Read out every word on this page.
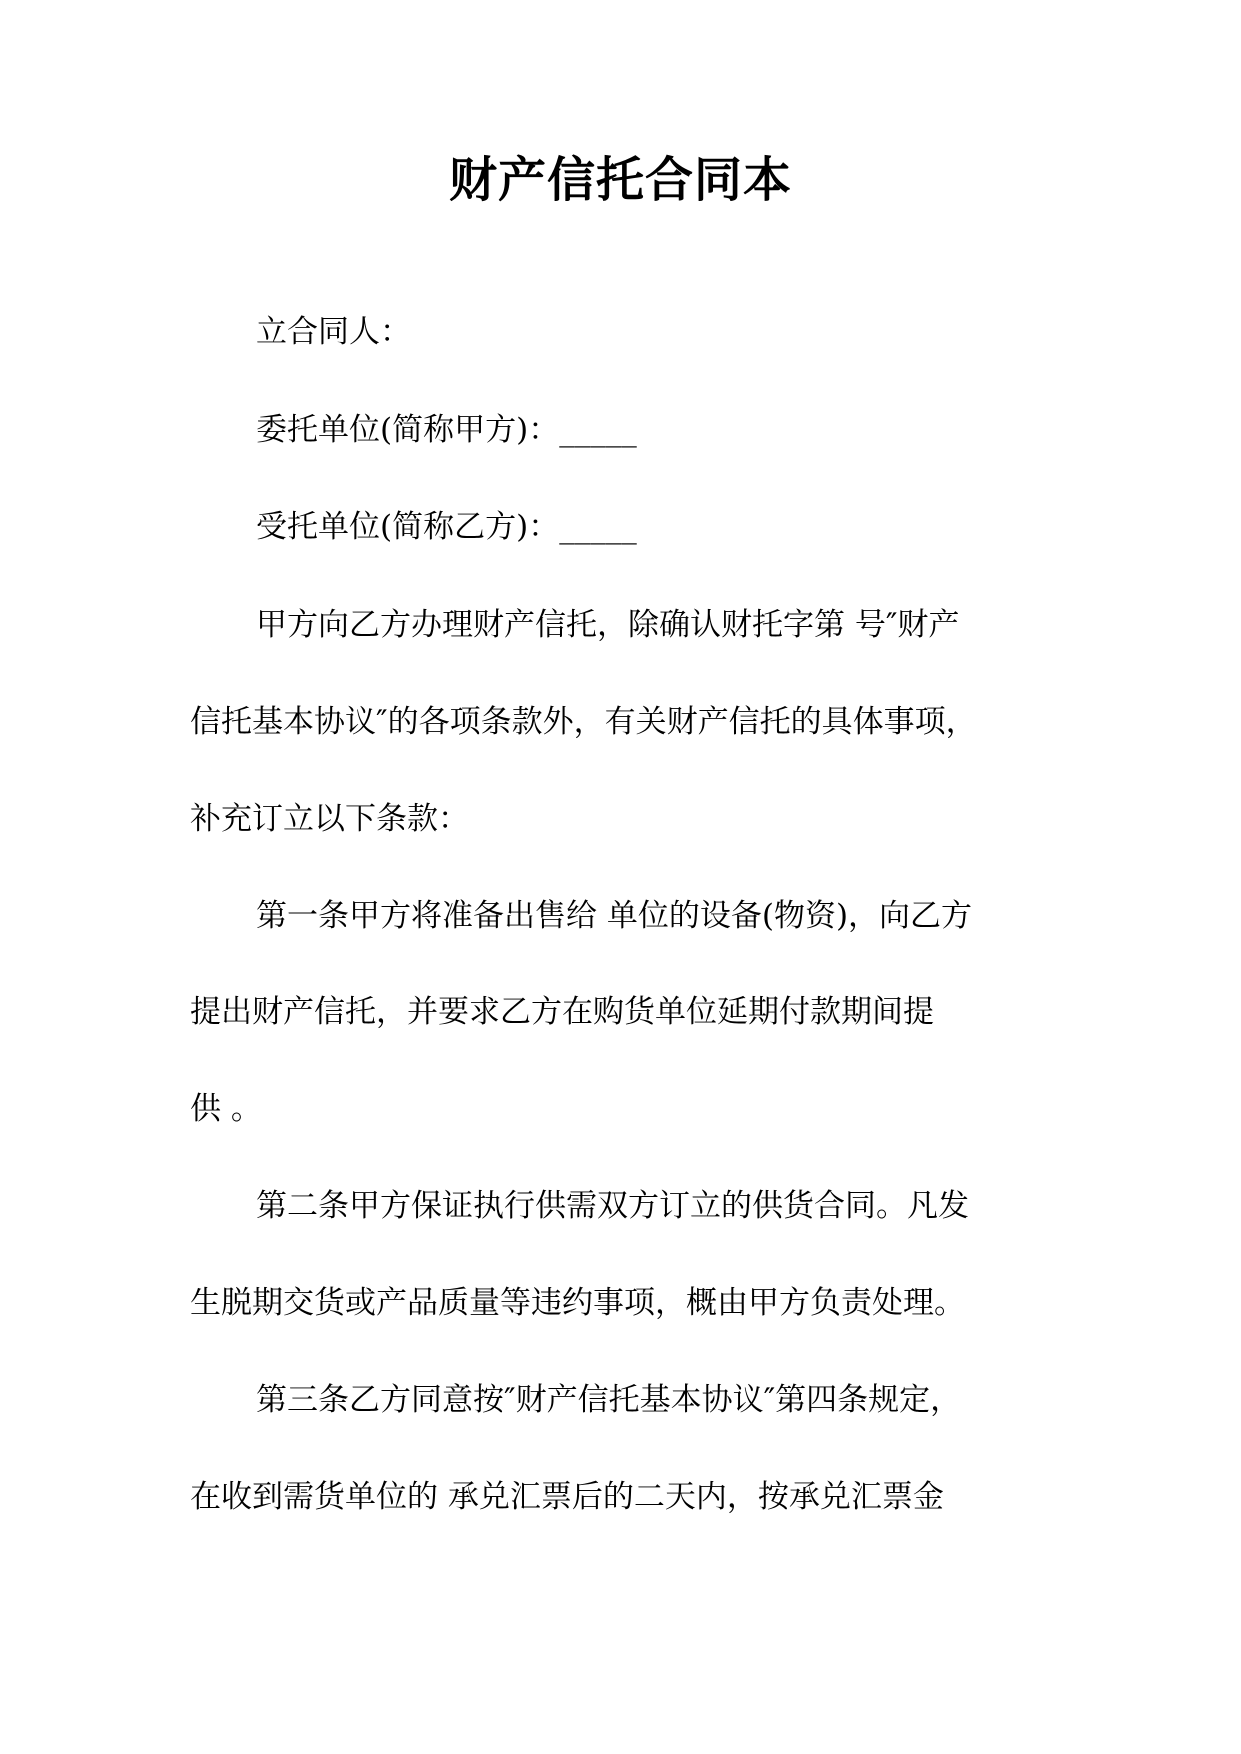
财产信托合同本
立合同人：
委托单位(简称甲方)：_____
受托单位(简称乙方)：_____
甲方向乙方办理财产信托，除确认财托字第 号″财产
信托基本协议″的各项条款外，有关财产信托的具体事项，
补充订立以下条款：
第一条甲方将准备出售给 单位的设备(物资)，向乙方
提出财产信托，并要求乙方在购货单位延期付款期间提
供 。
第二条甲方保证执行供需双方订立的供货合同。凡发
生脱期交货或产品质量等违约事项，概由甲方负责处理。
第三条乙方同意按″财产信托基本协议″第四条规定，
在收到需货单位的 承兑汇票后的二天内，按承兑汇票金
